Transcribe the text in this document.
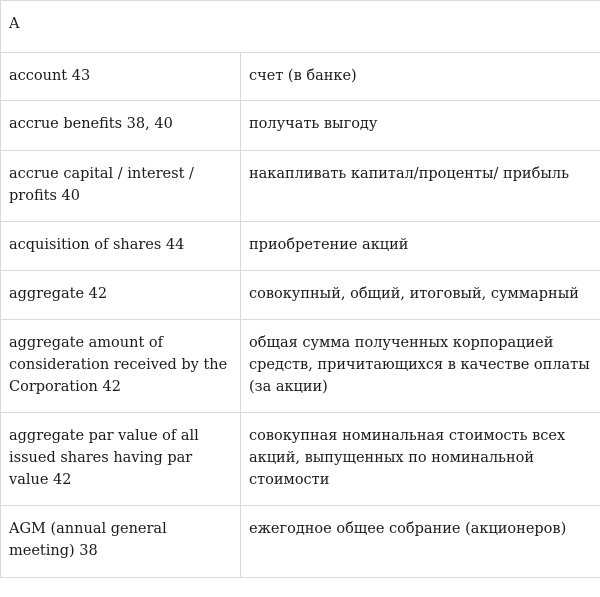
A	
account 43	счет (в банке)
accrue benefits 38, 40	получать выгоду
accrue capital / interest / profits 40	накапливать капитал/проценты/ прибыль
acquisition of shares 44	приобретение акций
aggregate 42	совокупный, общий, итоговый, суммарный
aggregate amount of consideration received by the Corporation 42	общая сумма полученных корпорацией средств, причитающихся в качестве оплаты (за акции)
aggregate par value of all issued shares having par value 42	совокупная номинальная стоимость всех акций, выпущенных по номинальной стоимости
AGM (annual general meeting) 38	ежегодное общее собрание (акционеров)
